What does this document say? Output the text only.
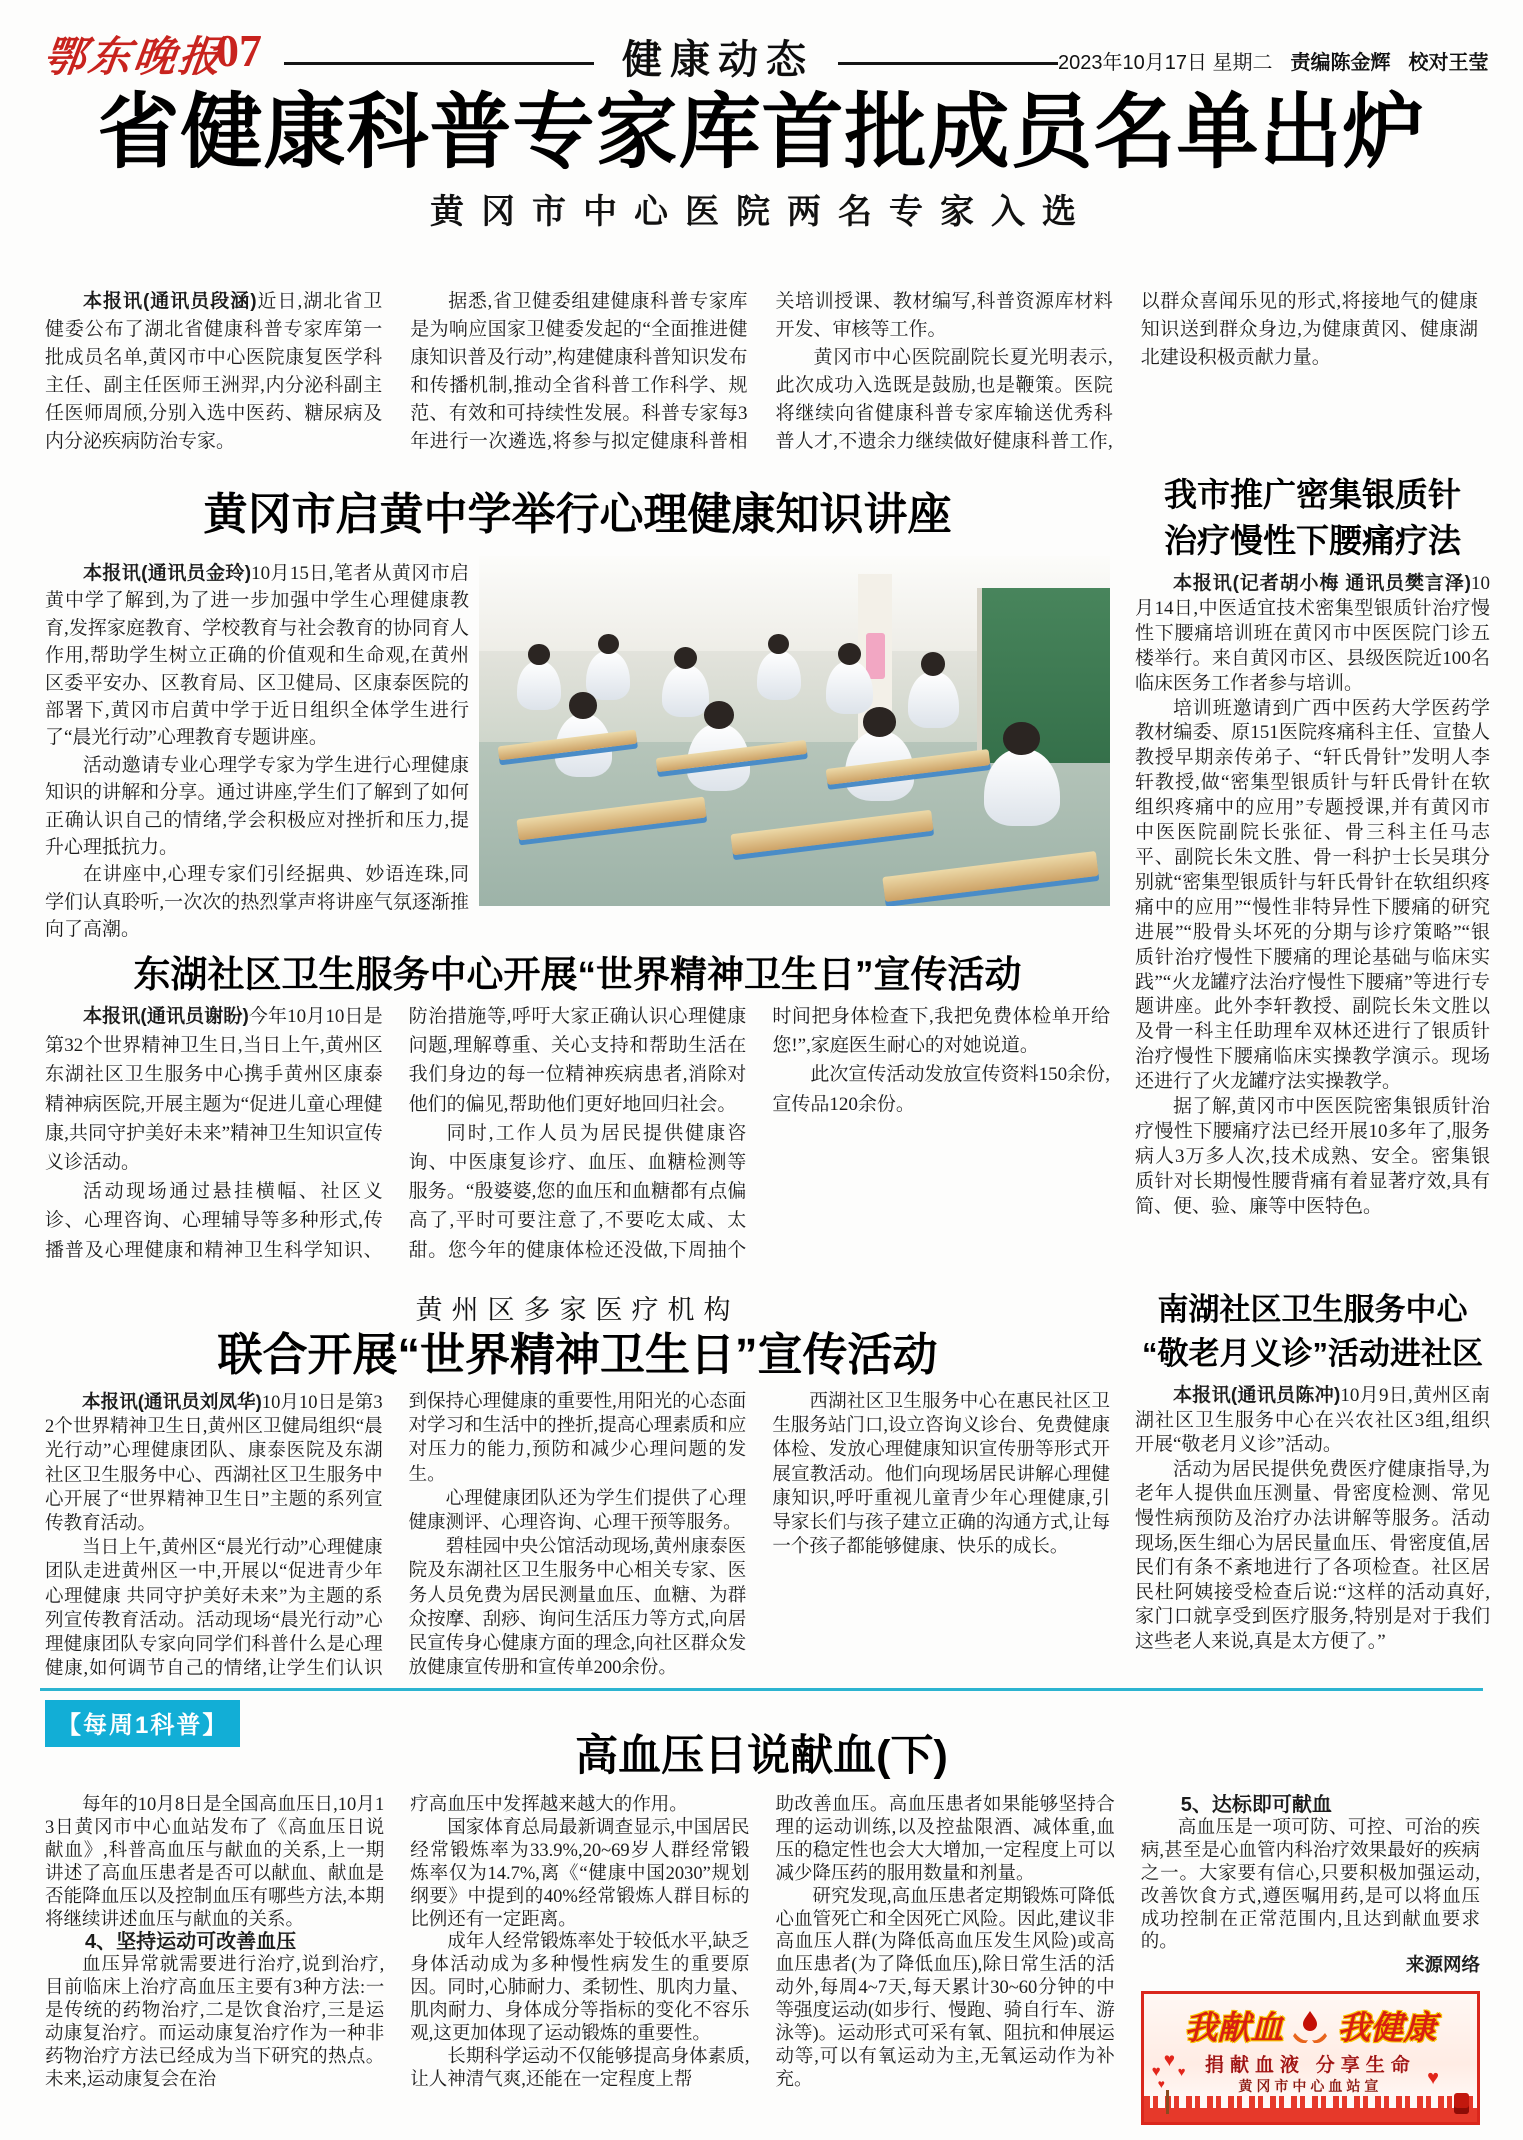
鄂东晚报
07	健康动态	2023年10月17日 星期二 责编陈金辉 校对王莹
省健康科普专家库首批成员名单出炉
黄冈市中心医院两名专家入选

本报讯(通讯员段涵)近日,湖北省卫健委公布了湖北省健康科普专家库第一批成员名单,黄冈市中心医院康复医学科主任、副主任医师王洲羿,内分泌科副主任医师周颀,分别入选中医药、糖尿病及内分泌疾病防治专家。

据悉,省卫健委组建健康科普专家库是为响应国家卫健委发起的“全面推进健康知识普及行动”,构建健康科普知识发布和传播机制,推动全省科普工作科学、规范、有效和可持续性发展。科普专家每3年进行一次遴选,将参与拟定健康科普相关培训授课、教材编写,科普资源库材料开发、审核等工作。

黄冈市中心医院副院长夏光明表示,此次成功入选既是鼓励,也是鞭策。医院将继续向省健康科普专家库输送优秀科普人才,不遗余力继续做好健康科普工作,以群众喜闻乐见的形式,将接地气的健康知识送到群众身边,为健康黄冈、健康湖北建设积极贡献力量。

黄冈市启黄中学举行心理健康知识讲座

本报讯(通讯员金玲)10月15日,笔者从黄冈市启黄中学了解到,为了进一步加强中学生心理健康教育,发挥家庭教育、学校教育与社会教育的协同育人作用,帮助学生树立正确的价值观和生命观,在黄州区委平安办、区教育局、区卫健局、区康泰医院的部署下,黄冈市启黄中学于近日组织全体学生进行了“晨光行动”心理教育专题讲座。

活动邀请专业心理学专家为学生进行心理健康知识的讲解和分享。通过讲座,学生们了解到了如何正确认识自己的情绪,学会积极应对挫折和压力,提升心理抵抗力。

在讲座中,心理专家们引经据典、妙语连珠,同学们认真聆听,一次次的热烈掌声将讲座气氛逐渐推向了高潮。

东湖社区卫生服务中心开展“世界精神卫生日”宣传活动

本报讯(通讯员谢盼)今年10月10日是第32个世界精神卫生日,当日上午,黄州区东湖社区卫生服务中心携手黄州区康泰精神病医院,开展主题为“促进儿童心理健康,共同守护美好未来”精神卫生知识宣传义诊活动。

活动现场通过悬挂横幅、社区义诊、心理咨询、心理辅导等多种形式,传播普及心理健康和精神卫生科学知识、防治措施等,呼吁大家正确认识心理健康问题,理解尊重、关心支持和帮助生活在我们身边的每一位精神疾病患者,消除对他们的偏见,帮助他们更好地回归社会。

同时,工作人员为居民提供健康咨询、中医康复诊疗、血压、血糖检测等服务。“殷婆婆,您的血压和血糖都有点偏高了,平时可要注意了,不要吃太咸、太甜。您今年的健康体检还没做,下周抽个时间把身体检查下,我把免费体检单开给您!”,家庭医生耐心的对她说道。

此次宣传活动发放宣传资料150余份,宣传品120余份。

我市推广密集银质针
治疗慢性下腰痛疗法

本报讯(记者胡小梅 通讯员樊言泽)10月14日,中医适宜技术密集型银质针治疗慢性下腰痛培训班在黄冈市中医医院门诊五楼举行。来自黄冈市区、县级医院近100名临床医务工作者参与培训。

培训班邀请到广西中医药大学医药学教材编委、原151医院疼痛科主任、宣蛰人教授早期亲传弟子、“轩氏骨针”发明人李轩教授,做“密集型银质针与轩氏骨针在软组织疼痛中的应用”专题授课,并有黄冈市中医医院副院长张征、骨三科主任马志平、副院长朱文胜、骨一科护士长吴琪分别就“密集型银质针与轩氏骨针在软组织疼痛中的应用”“慢性非特异性下腰痛的研究进展”“股骨头坏死的分期与诊疗策略”“银质针治疗慢性下腰痛的理论基础与临床实践”“火龙罐疗法治疗慢性下腰痛”等进行专题讲座。此外李轩教授、副院长朱文胜以及骨一科主任助理牟双林还进行了银质针治疗慢性下腰痛临床实操教学演示。现场还进行了火龙罐疗法实操教学。

据了解,黄冈市中医医院密集银质针治疗慢性下腰痛疗法已经开展10多年了,服务病人3万多人次,技术成熟、安全。密集银质针对长期慢性腰背痛有着显著疗效,具有简、便、验、廉等中医特色。

黄州区多家医疗机构
联合开展“世界精神卫生日”宣传活动

本报讯(通讯员刘凤华)10月10日是第32个世界精神卫生日,黄州区卫健局组织“晨光行动”心理健康团队、康泰医院及东湖社区卫生服务中心、西湖社区卫生服务中心开展了“世界精神卫生日”主题的系列宣传教育活动。

当日上午,黄州区“晨光行动”心理健康团队走进黄州区一中,开展以“促进青少年心理健康 共同守护美好未来”为主题的系列宣传教育活动。活动现场“晨光行动”心理健康团队专家向同学们科普什么是心理健康,如何调节自己的情绪,让学生们认识到保持心理健康的重要性,用阳光的心态面对学习和生活中的挫折,提高心理素质和应对压力的能力,预防和减少心理问题的发生。

心理健康团队还为学生们提供了心理健康测评、心理咨询、心理干预等服务。

碧桂园中央公馆活动现场,黄州康泰医院及东湖社区卫生服务中心相关专家、医务人员免费为居民测量血压、血糖、为群众按摩、刮痧、询问生活压力等方式,向居民宣传身心健康方面的理念,向社区群众发放健康宣传册和宣传单200余份。

西湖社区卫生服务中心在惠民社区卫生服务站门口,设立咨询义诊台、免费健康体检、发放心理健康知识宣传册等形式开展宣教活动。他们向现场居民讲解心理健康知识,呼吁重视儿童青少年心理健康,引导家长们与孩子建立正确的沟通方式,让每一个孩子都能够健康、快乐的成长。

南湖社区卫生服务中心
“敬老月义诊”活动进社区

本报讯(通讯员陈冲)10月9日,黄州区南湖社区卫生服务中心在兴农社区3组,组织开展“敬老月义诊”活动。

活动为居民提供免费医疗健康指导,为老年人提供血压测量、骨密度检测、常见慢性病预防及治疗办法讲解等服务。活动现场,医生细心为居民量血压、骨密度值,居民们有条不紊地进行了各项检查。社区居民杜阿姨接受检查后说:“这样的活动真好,家门口就享受到医疗服务,特别是对于我们这些老人来说,真是太方便了。”

【每周1科普】
高血压日说献血(下)

每年的10月8日是全国高血压日,10月13日黄冈市中心血站发布了《高血压日说献血》,科普高血压与献血的关系,上一期讲述了高血压患者是否可以献血、献血是否能降血压以及控制血压有哪些方法,本期将继续讲述血压与献血的关系。

4、坚持运动可改善血压

血压异常就需要进行治疗,说到治疗,目前临床上治疗高血压主要有3种方法:一是传统的药物治疗,二是饮食治疗,三是运动康复治疗。而运动康复治疗作为一种非药物治疗方法已经成为当下研究的热点。未来,运动康复会在治

疗高血压中发挥越来越大的作用。

国家体育总局最新调查显示,中国居民经常锻炼率为33.9%,20~69岁人群经常锻炼率仅为14.7%,离《“健康中国2030”规划纲要》中提到的40%经常锻炼人群目标的比例还有一定距离。

成年人经常锻炼率处于较低水平,缺乏身体活动成为多种慢性病发生的重要原因。同时,心肺耐力、柔韧性、肌肉力量、肌肉耐力、身体成分等指标的变化不容乐观,这更加体现了运动锻炼的重要性。

长期科学运动不仅能够提高身体素质,让人神清气爽,还能在一定程度上帮

助改善血压。高血压患者如果能够坚持合理的运动训练,以及控盐限酒、减体重,血压的稳定性也会大大增加,一定程度上可以减少降压药的服用数量和剂量。

研究发现,高血压患者定期锻炼可降低心血管死亡和全因死亡风险。因此,建议非高血压人群(为降低高血压发生风险)或高血压患者(为了降低血压),除日常生活的活动外,每周4~7天,每天累计30~60分钟的中等强度运动(如步行、慢跑、骑自行车、游泳等)。运动形式可采有氧、阻抗和伸展运动等,可以有氧运动为主,无氧运动作为补充。

5、达标即可献血

高血压是一项可防、可控、可治的疾病,甚至是心血管内科治疗效果最好的疾病之一。大家要有信心,只要积极加强运动,改善饮食方式,遵医嘱用药,是可以将血压成功控制在正常范围内,且达到献血要求的。

来源网络

我献血 我健康
捐献血液 分享生命
黄冈市中心血站宣
♥
♥
♥
♥	♥
